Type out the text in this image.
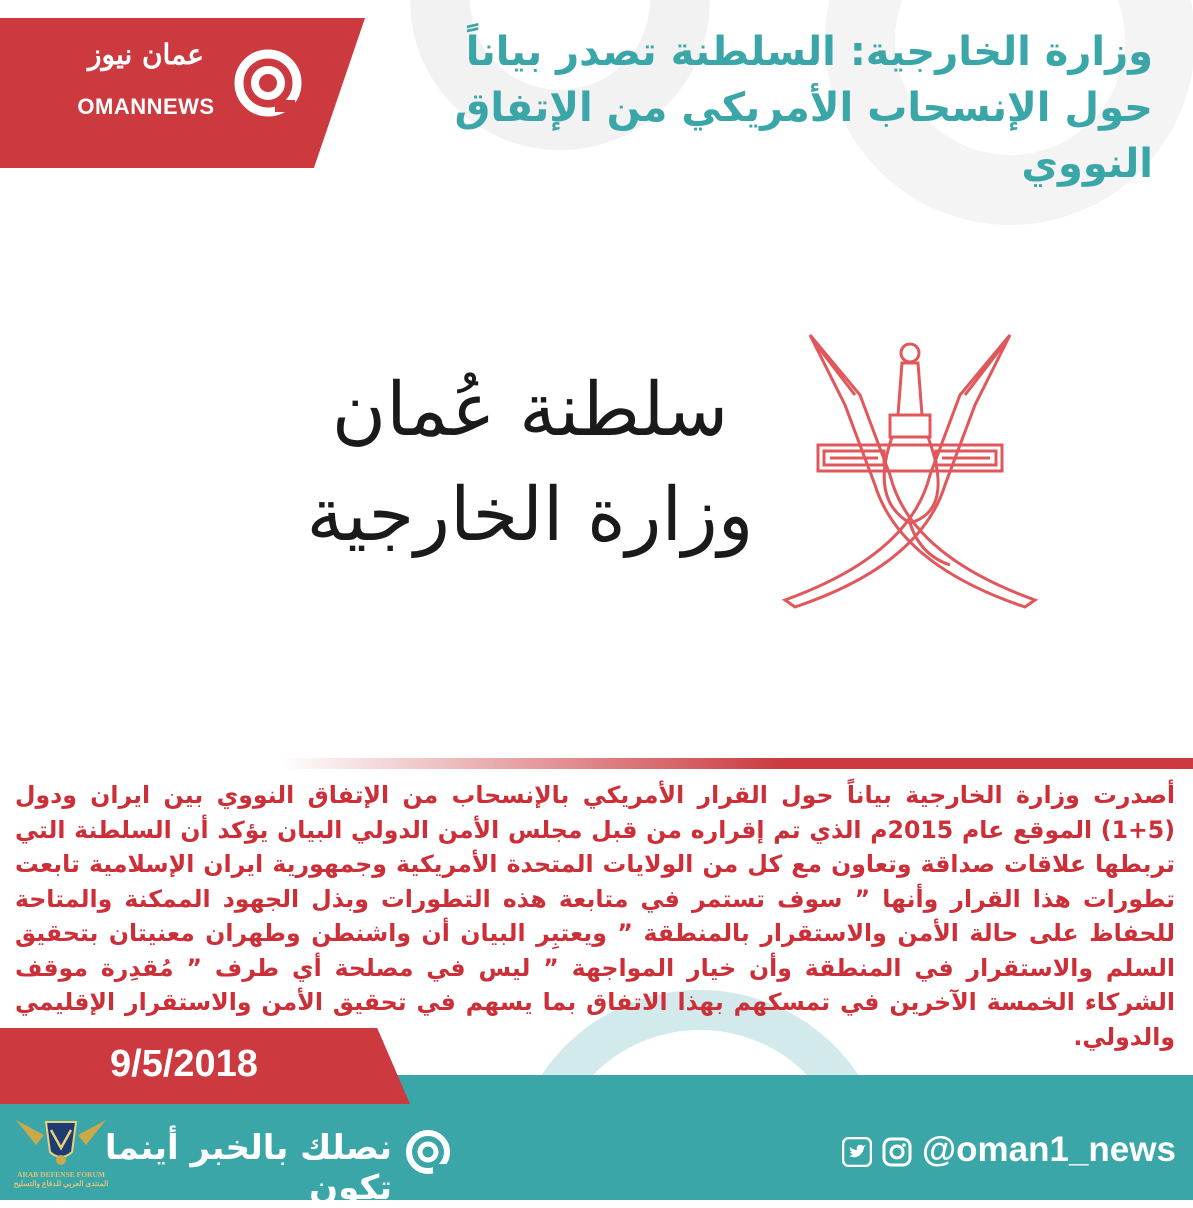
عمان نيوز
OMANNEWS
وزارة الخارجية: السلطنة تصدر بياناً حول الإنسحاب الأمريكي من الإتفاق النووي
سلطنة عُمان
وزارة الخارجية
أصدرت وزارة الخارجية بياناً حول القرار الأمريكي بالإنسحاب من الإتفاق النووي بين ايران ودول (5+1) الموقع عام 2015م الذي تم إقراره من قبل مجلس الأمن الدولي البيان يؤكد أن السلطنة التي تربطها علاقات صداقة وتعاون مع كل من الولايات المتحدة الأمريكية وجمهورية ايران الإسلامية تابعت تطورات هذا القرار وأنها ” سوف تستمر في متابعة هذه التطورات وبذل الجهود الممكنة والمتاحة للحفاظ على حالة الأمن والاستقرار بالمنطقة ” ويعتبِر البيان أن واشنطن وطهران معنيتان بتحقيق السلم والاستقرار في المنطقة وأن خيار المواجهة ” ليس في مصلحة أي طرف ” مُقدِرة موقف الشركاء الخمسة الآخرين في تمسكهم بهذا الاتفاق بما يسهم في تحقيق الأمن والاستقرار الإقليمي والدولي.
9/5/2018
نصلك بالخبر أينما تكون
@oman1_news
ARAB DEFENSE FORUM
المنتدى العربي للدفاع والتسليح
